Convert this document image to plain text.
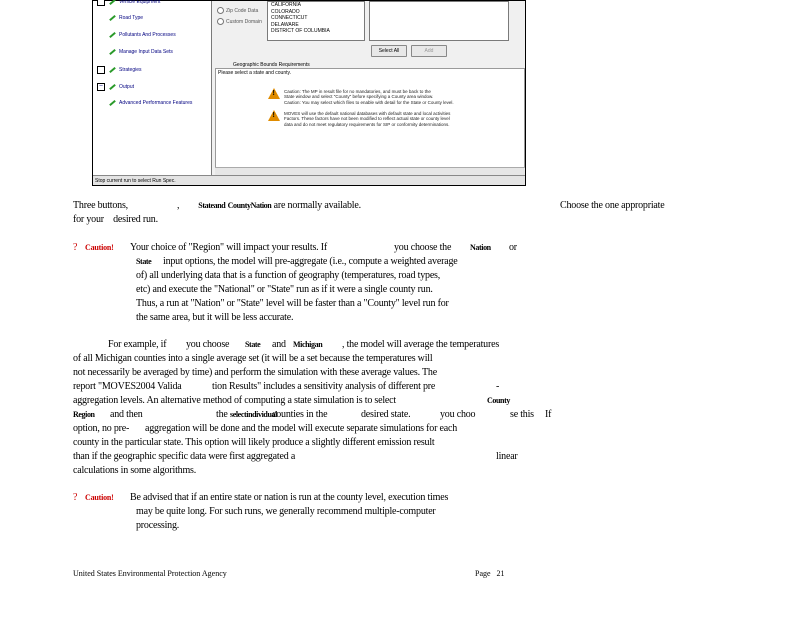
Vehicle Equipment
Road Type
Pollutants And Processes
Manage Input Data Sets
Strategies
–	Output
Advanced Performance Features
Zip Code Data
Custom Domain
CALIFORNIA
COLORADO
CONNECTICUT
DELAWARE
DISTRICT OF COLUMBIA
Select All	Add
Geographic Bounds Requirements
Please select a state and county.
!
Caution: The MP in result file for no mandatories, and must be back to the
State window and select "County" before specifying a County area window.
Caution: You may select which files to enable with detail for the State or County level.
!
MOVES will use the default national databases with default state and local activities
Factors. These factors have not been modified to reflect actual state or county level
data and do not meet regulatory requirements for SIP or conformity determinations.
Stop current run to select Run Spec.
Three buttons,	, Stateand CountyNation are normally available.	Choose the one appropriate
for your    desired run.
? Caution! Your choice of "Region" will impact your results. If	you choose the Nation or
State input options, the model will pre-aggregate (i.e., compute a weighted average
of) all underlying data that is a function of geography (temperatures, road types,
etc) and execute the "National" or "State" run as if it were a single county run.
Thus, a run at "Nation" or "State" level will be faster than a "County" level run for
the same area, but it will be less accurate.
For example, if you choose State and Michigan , the model will average the temperatures
of all Michigan counties into a single average set (it will be a set because the temperatures will
not necessarily be averaged by time) and perform the simulation with these average values. The
report "MOVES2004 Valida	tion Results" includes a sensitivity analysis of different pre	-
aggregation levels. An alternative method of computing a state simulation is to select	County
Region and then	the selectindividual
counties in the	desired state.	you choo	se this If
option, no pre- aggregation will be done and the model will execute separate simulations for each
county in the particular state. This option will likely produce a slightly different emission result
than if the geographic specific data were first aggregated a	linear
calculations in some algorithms.
? Caution! Be advised that if an entire state or nation is run at the county level, execution times
may be quite long. For such runs, we generally recommend multiple-computer
processing.
United States Environmental Protection Agency	Page   21
